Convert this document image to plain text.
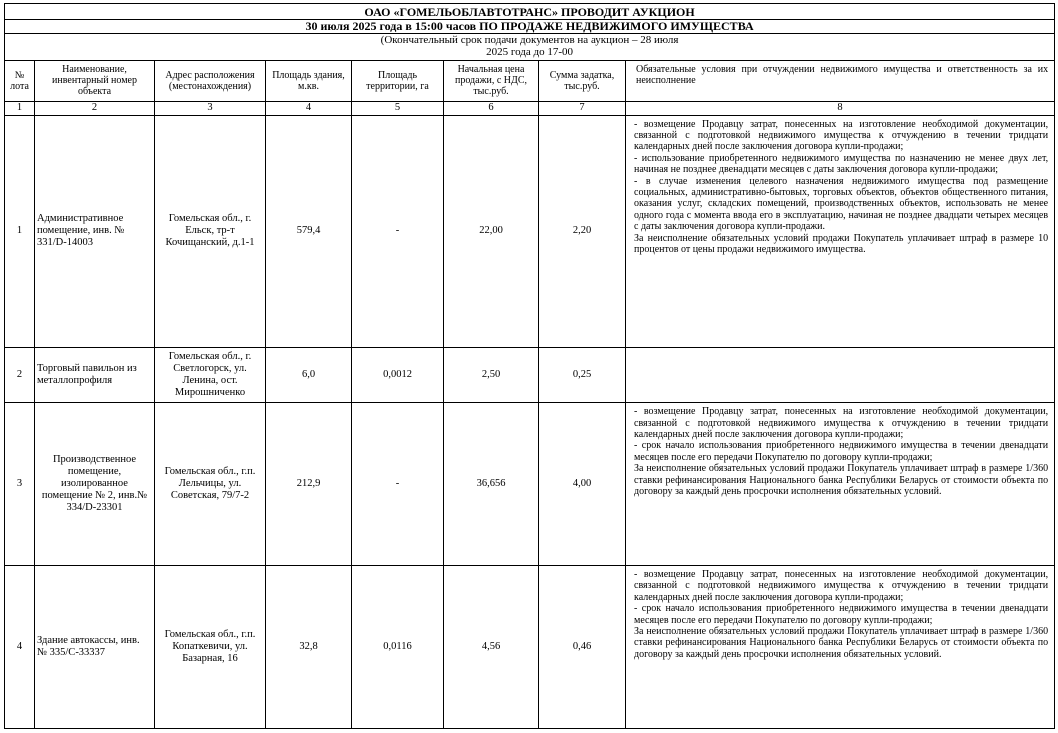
ОАО «ГОМЕЛЬОБЛАВТОТРАНС» ПРОВОДИТ АУКЦИОН							
30 июля 2025 года в 15:00 часов ПО ПРОДАЖЕ НЕДВИЖИМОГО ИМУЩЕСТВА							

(Окончательный срок подачи документов на аукцион – 28 июля
2025 года до 17-00							

№ лота	Наименование, инвентарный номер объекта	Адрес расположения (местонахождения)	Площадь здания, м.кв.	Площадь территории, га	Начальная цена продажи, с НДС, тыс.руб.	Сумма задатка, тыс.руб.	Обязательные условия при отчуждении недвижимого имущества и ответственность за их неисполнение
1	2	3	4	5	6	7	8
1	Административное помещение, инв. № 331/D-14003	Гомельская обл., г. Ельск, тр-т Кочищанский, д.1-1	579,4	-	22,00	2,20	- возмещение Продавцу затрат, понесенных на изготовление необходимой документации, связанной с подготовкой недвижимого имущества к отчуждению в течении тридцати календарных дней после заключения договора купли-продажи;

- использование приобретенного недвижимого имущества по назначению не менее двух лет, начиная не позднее двенадцати месяцев с даты заключения договора купли-продажи;

- в случае изменения целевого назначения недвижимого имущества под размещение социальных, административно-бытовых, торговых объектов, объектов общественного питания, оказания услуг, складских помещений, производственных объектов, использовать не менее одного года с момента ввода его в эксплуатацию, начиная не позднее двадцати четырех месяцев с даты заключения договора купли-продажи.

За неисполнение обязательных условий продажи Покупатель уплачивает штраф в размере 10 процентов от цены продажи недвижимого имущества.

2	Торговый павильон из металлопрофиля	Гомельская обл., г. Светлогорск, ул. Ленина, ост. Мирошниченко	6,0	0,0012	2,50	0,25	
3	Производственное помещение, изолированное помещение № 2, инв.№ 334/D-23301	Гомельская обл., г.п. Лельчицы, ул. Советская, 79/7-2	212,9	-	36,656	4,00	- возмещение Продавцу затрат, понесенных на изготовление необходимой документации, связанной с подготовкой недвижимого имущества к отчуждению в течении тридцати календарных дней после заключения договора купли-продажи;

- срок начало использования приобретенного недвижимого имущества в течении двенадцати месяцев после его передачи Покупателю по договору купли-продажи;

За неисполнение обязательных условий продажи Покупатель уплачивает штраф в размере 1/360 ставки рефинансирования Национального банка Республики Беларусь от стоимости объекта по договору за каждый день просрочки исполнения обязательных условий.

4	Здание автокассы, инв. № 335/С-33337	Гомельская обл., г.п. Копаткевичи, ул. Базарная, 16	32,8	0,0116	4,56	0,46	- возмещение Продавцу затрат, понесенных на изготовление необходимой документации, связанной с подготовкой недвижимого имущества к отчуждению в течении тридцати календарных дней после заключения договора купли-продажи;

- срок начало использования приобретенного недвижимого имущества в течении двенадцати месяцев после его передачи Покупателю по договору купли-продажи;

За неисполнение обязательных условий продажи Покупатель уплачивает штраф в размере 1/360 ставки рефинансирования Национального банка Республики Беларусь от стоимости объекта по договору за каждый день просрочки исполнения обязательных условий.
